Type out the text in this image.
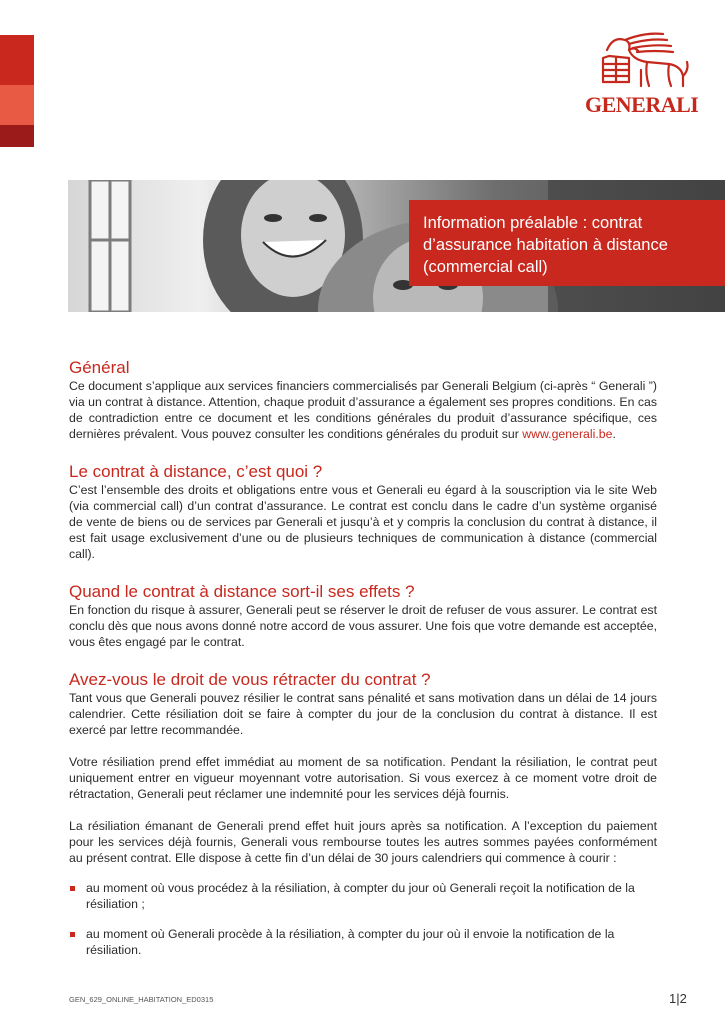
GENERALI
Information préalable : contrat d’assurance habitation à distance (commercial call)
Général

Ce document s’applique aux services financiers commercialisés par Generali Belgium (ci-après “ Generali ”) via un contrat à distance. Attention, chaque produit d’assurance a également ses propres conditions. En cas de contradiction entre ce document et les conditions générales du produit d’assurance spécifique, ces dernières prévalent. Vous pouvez consulter les conditions générales du produit sur www.generali.be.

Le contrat à distance, c’est quoi ?

C’est l’ensemble des droits et obligations entre vous et Generali eu égard à la souscription via le site Web (via commercial call) d’un contrat d’assurance. Le contrat est conclu dans le cadre d’un système organisé de vente de biens ou de services par Generali et jusqu’à et y compris la conclusion du contrat à distance, il est fait usage exclusivement d’une ou de plusieurs techniques de communication à distance (commercial call).

Quand le contrat à distance sort-il ses effets ?

En fonction du risque à assurer, Generali peut se réserver le droit de refuser de vous assurer. Le contrat est conclu dès que nous avons donné notre accord de vous assurer. Une fois que votre demande est acceptée, vous êtes engagé par le contrat.

Avez-vous le droit de vous rétracter du contrat ?

Tant vous que Generali pouvez résilier le contrat sans pénalité et sans motivation dans un délai de 14 jours calendrier. Cette résiliation doit se faire à compter du jour de la conclusion du contrat à distance. Il est exercé par lettre recommandée.

Votre résiliation prend effet immédiat au moment de sa notification. Pendant la résiliation, le contrat peut uniquement entrer en vigueur moyennant votre autorisation. Si vous exercez à ce moment votre droit de rétractation, Generali peut réclamer une indemnité pour les services déjà fournis.

La résiliation émanant de Generali prend effet huit jours après sa notification. A l’exception du paiement pour les services déjà fournis, Generali vous rembourse toutes les autres sommes payées conformément au présent contrat. Elle dispose à cette fin d’un délai de 30 jours calendriers qui commence à courir :

au moment où vous procédez à la résiliation, à compter du jour où Generali reçoit la notification de la résiliation ;
au moment où Generali procède à la résiliation, à compter du jour où il envoie la notification de la résiliation.
GEN_629_ONLINE_HABITATION_ED0315	1|2
